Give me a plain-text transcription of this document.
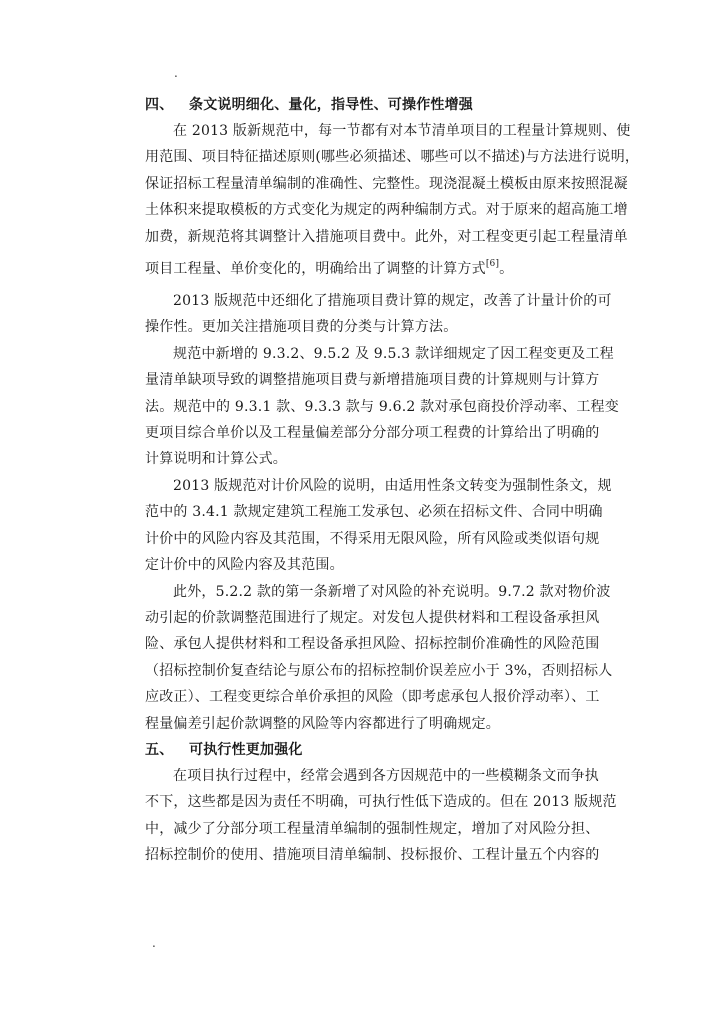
.
四、 条文说明细化、量化，指导性、可操作性增强

在 2013 版新规范中，每一节都有对本节清单项目的工程量计算规则、使
用范围、项目特征描述原则(哪些必须描述、哪些可以不描述)与方法进行说明，
保证招标工程量清单编制的准确性、完整性。现浇混凝土模板由原来按照混凝
土体积来提取模板的方式变化为规定的两种编制方式。对于原来的超高施工增
加费，新规范将其调整计入措施项目费中。此外，对工程变更引起工程量清单
项目工程量、单价变化的，明确给出了调整的计算方式[6]。

2013 版规范中还细化了措施项目费计算的规定，改善了计量计价的可
操作性。更加关注措施项目费的分类与计算方法。

规范中新增的 9.3.2、9.5.2 及 9.5.3 款详细规定了因工程变更及工程
量清单缺项导致的调整措施项目费与新增措施项目费的计算规则与计算方
法。规范中的 9.3.1 款、9.3.3 款与 9.6.2 款对承包商投价浮动率、工程变
更项目综合单价以及工程量偏差部分分部分项工程费的计算给出了明确的
计算说明和计算公式。

2013 版规范对计价风险的说明，由适用性条文转变为强制性条文，规
范中的 3.4.1 款规定建筑工程施工发承包、必须在招标文件、合同中明确
计价中的风险内容及其范围，不得采用无限风险，所有风险或类似语句规
定计价中的风险内容及其范围。

此外，5.2.2 款的第一条新增了对风险的补充说明。9.7.2 款对物价波
动引起的价款调整范围进行了规定。对发包人提供材料和工程设备承担风
险、承包人提供材料和工程设备承担风险、招标控制价准确性的风险范围
（招标控制价复查结论与原公布的招标控制价误差应小于 3%，否则招标人
应改正）、工程变更综合单价承担的风险（即考虑承包人报价浮动率）、工
程量偏差引起价款调整的风险等内容都进行了明确规定。

五、 可执行性更加强化

在项目执行过程中，经常会遇到各方因规范中的一些模糊条文而争执
不下，这些都是因为责任不明确，可执行性低下造成的。但在 2013 版规范
中，减少了分部分项工程量清单编制的强制性规定，增加了对风险分担、
招标控制价的使用、措施项目清单编制、投标报价、工程计量五个内容的

.
